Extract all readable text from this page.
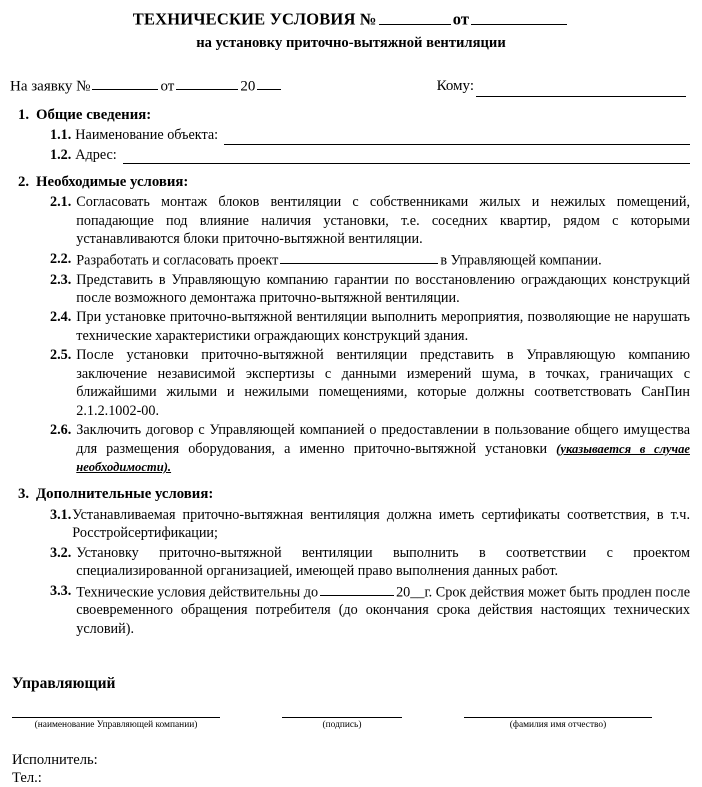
ТЕХНИЧЕСКИЕ УСЛОВИЯ №	от
на установку приточно-вытяжной вентиляции
На заявку №	от	20	Кому:
1. Общие сведения:
1.1. Наименование объекта:
1.2. Адрес:
2. Необходимые условия:
2.1. Согласовать монтаж блоков вентиляции с собственниками жилых и нежилых помещений, попадающие под влияние наличия установки, т.е. соседних квартир, рядом с которыми устанавливаются блоки приточно-вытяжной вентиляции.
2.2. Разработать и согласовать проект	в Управляющей компании.
2.3. Представить в Управляющую компанию гарантии по восстановлению ограждающих конструкций после возможного демонтажа приточно-вытяжной вентиляции.
2.4. При установке приточно-вытяжной вентиляции выполнить мероприятия, позволяющие не нарушать технические характеристики ограждающих конструкций здания.
2.5. После установки приточно-вытяжной вентиляции представить в Управляющую компанию заключение независимой экспертизы с данными измерений шума, в точках, граничащих с ближайшими жилыми и нежилыми помещениями, которые должны соответствовать СанПин 2.1.2.1002-00.
2.6. Заключить договор с Управляющей компанией о предоставлении в пользование общего имущества для размещения оборудования, а именно приточно-вытяжной установки (указывается в случае необходимости).
3. Дополнительные условия:
3.1. Устанавливаемая приточно-вытяжная вентиляция должна иметь сертификаты соответствия, в т.ч. Росстройсертификации;
3.2. Установку приточно-вытяжной вентиляции выполнить в соответствии с проектом специализированной организацией, имеющей право выполнения данных работ.
3.3. Технические условия действительны до	20__г. Срок действия может быть продлен после своевременного обращения потребителя (до окончания срока действия настоящих технических условий).
Управляющий
(наименование Управляющей компании)	(подпись)	(фамилия имя отчество)
Исполнитель:
Тел.:
